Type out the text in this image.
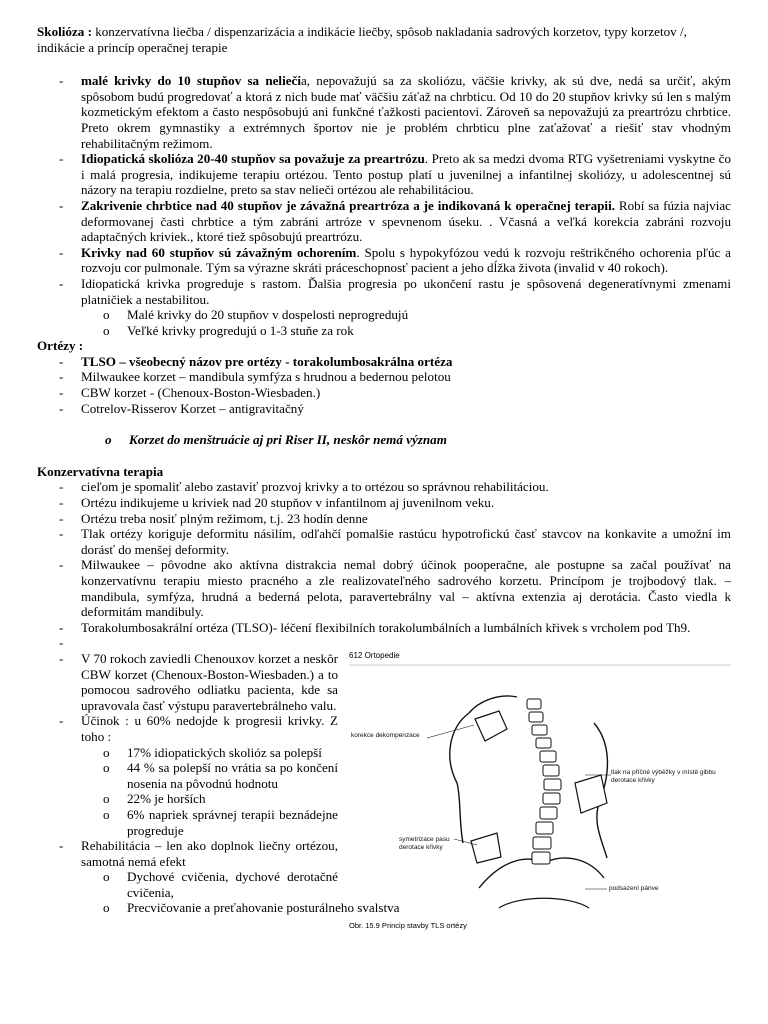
Skolióza : konzervatívna liečba / dispenzarizácia a indikácie liečby, spôsob nakladania sadrových korzetov, typy korzetov /, indikácie a princíp operačnej terapie

- malé krivky do 10 stupňov sa neliečia, nepovažujú sa za skoliózu, väčšie krivky, ak sú dve, nedá sa určiť, akým spôsobom budú progredovať a ktorá z nich bude mať väčšiu záťaž na chrbticu. Od 10 do 20 stupňov krivky sú len s malým kozmetickým efektom a často nespôsobujú ani funkčné ťažkosti pacientovi. Zároveň sa nepovažujú za preartrózu chrbtice. Preto okrem gymnastiky a extrémnych športov nie je problém chrbticu plne zaťažovať a riešiť stav vhodným rehabilitačným režimom.
- Idiopatická skolióza 20-40 stupňov sa považuje za preartrózu. Preto ak sa medzi dvoma RTG vyšetreniami vyskytne čo i malá progresia, indikujeme terapiu ortézou. Tento postup platí u juvenilnej a infantilnej skoliózy, u adolescentnej sú názory na terapiu rozdielne, preto sa stav nelieči ortézou ale rehabilitáciou.
- Zakrivenie chrbtice nad 40 stupňov je závažná preartróza a je indikovaná k operačnej terapii. Robí sa fúzia najviac deformovanej časti chrbtice a tým zabráni artróze v spevnenom úseku. . Včasná a veľká korekcia zabráni rozvoju adaptačných kriviek., ktoré tiež spôsobujú preartrózu.
- Krivky nad 60 stupňov sú závažným ochorením. Spolu s hypokyfózou vedú k rozvoju reštrikčného ochorenia pľúc a rozvoju cor pulmonale. Tým sa výrazne skráti práceschopnosť pacient a jeho dĺžka života (invalid v 40 rokoch).
- Idiopatická krivka progreduje s rastom. Ďalšia progresia po ukončení rastu je spôsovená degeneratívnymi zmenami platničiek a nestabilitou.
o Malé krivky do 20 stupňov v dospelosti neprogredujú
o Veľké krivky progredujú o 1-3 stuňe za rok

Ortézy :

- TLSO – všeobecný názov pre ortézy - torakolumbosakrálna ortéza
- Milwaukee korzet – mandibula symfýza s hrudnou a bedernou pelotou
- CBW korzet - (Chenoux-Boston-Wiesbaden.)
- Cotrelov-Risserov Korzet – antigravitačný
o Korzet do menštruácie aj pri Riser II, neskôr nemá význam

Konzervatívna terapia

- cieľom je spomaliť alebo zastaviť prozvoj krivky a to ortézou so správnou rehabilitáciou.
- Ortézu indikujeme u kriviek nad 20 stupňov v infantilnom aj juvenilnom veku.
- Ortézu treba nosiť plným režimom, t.j. 23 hodín denne
- Tlak ortézy koriguje deformitu násilím, odľahčí pomalšie rastúcu hypotrofickú časť stavcov na konkavite a umožní im dorásť do menšej deformity.
- Milwaukee – pôvodne ako aktívna distrakcia nemal dobrý účinok pooperačne, ale postupne sa začal používať na konzervatívnu terapiu miesto pracného a zle realizovateľného sadrového korzetu. Princípom je trojbodový tlak. – mandibula, symfýza, hrudná a bederná pelota, paravertebrálny val – aktívna extenzia aj derotácia. Často viedla k deformitám mandibuly.
- Torakolumbosakrální ortéza (TLSO)- léčení flexibilních torakolumbálních a lumbálních křivek s vrcholem pod Th9.
-
- V 70 rokoch zaviedli Chenouxov korzet a neskôr CBW korzet (Chenoux-Boston-Wiesbaden.) a to pomocou sadrového odliatku pacienta, kde sa upravovala časť výstupu paravertebrálneho valu.
- Účinok : u 60% nedojde k progresii krivky. Z toho :
o 17% idiopatických skolióz sa polepší
o 44 % sa polepší no vrátia sa po končení nosenia na pôvodnú hodnotu
o 22% je horších
o 6% napriek správnej terapii beznádejne progreduje
- Rehabilitácia – len ako doplnok liečny ortézou, samotná nemá efekt
o Dychové cvičenia, dychové derotačné cvičenia,
o Precvičovanie a preťahovanie posturálneho svalstva
612 Ortopedie
korekce dekompenzace
tlak na příčné výběžky v místě gibbu derotace křivky
symetrizace pasu derotace křivky
podsazení pánve
Obr. 15.9 Princip stavby TLS ortézy
